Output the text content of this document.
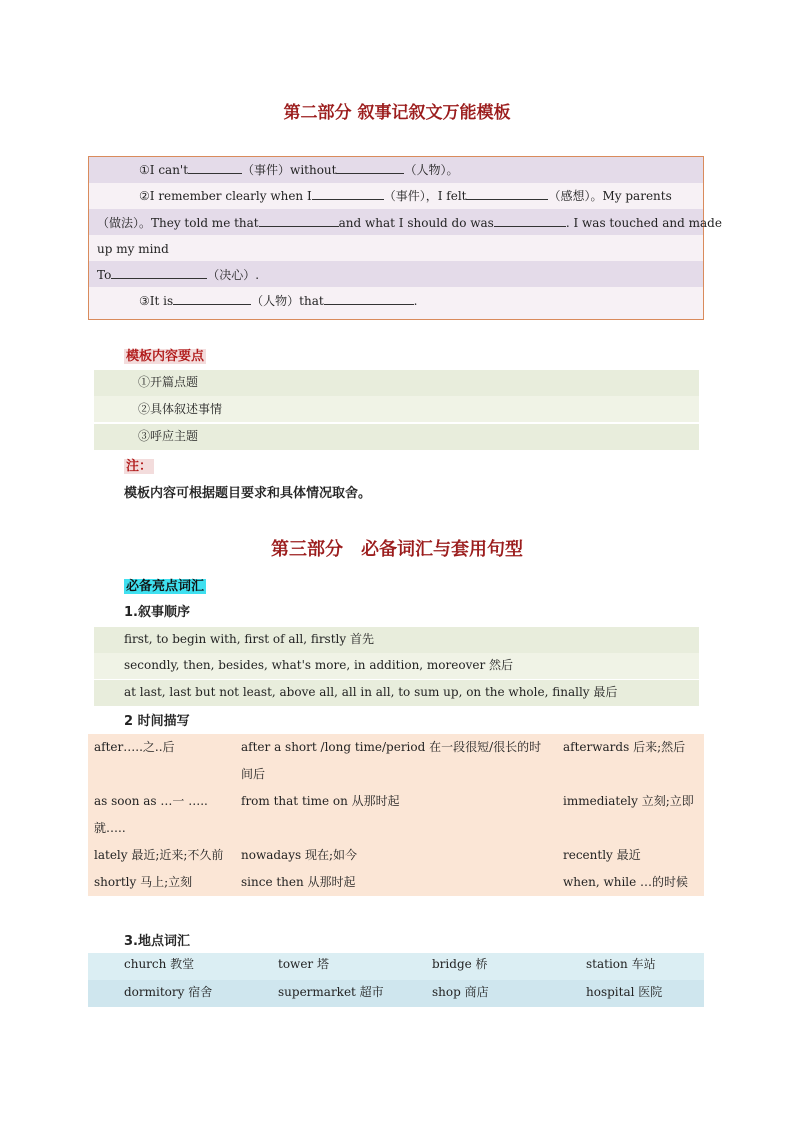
第二部分 叙事记叙文万能模板
①I can't	（事件）without	（人物）。
②I remember clearly when I	（事件），I felt	（感想）。My parents
（做法）。They told me that	and what I should do was	. I was touched and made
up my mind
To	（决心）.
③It is	（人物）that	.
模板内容要点
①开篇点题
②具体叙述事情
③呼应主题
注：
模板内容可根据题目要求和具体情况取舍。
第三部分　必备词汇与套用句型
必备亮点词汇
1.叙事顺序
first, to begin with, first of all, firstly 首先
secondly, then, besides, what's more, in addition, moreover 然后
at last, last but not least, above all, all in all, to sum up, on the whole, finally 最后
2 时间描写
after…..之..后	after a short /long time/period 在一段很短/很长的时间后	afterwards 后来;然后
as soon as …一 …..就…..	from that time on 从那时起	immediately 立刻;立即
lately 最近;近来;不久前	nowadays 现在;如今	recently 最近
shortly 马上;立刻	since then 从那时起	when, while …的时候
3.地点词汇
church 教堂	tower 塔	bridge 桥	station 车站
dormitory 宿舍	supermarket 超市	shop 商店	hospital 医院
